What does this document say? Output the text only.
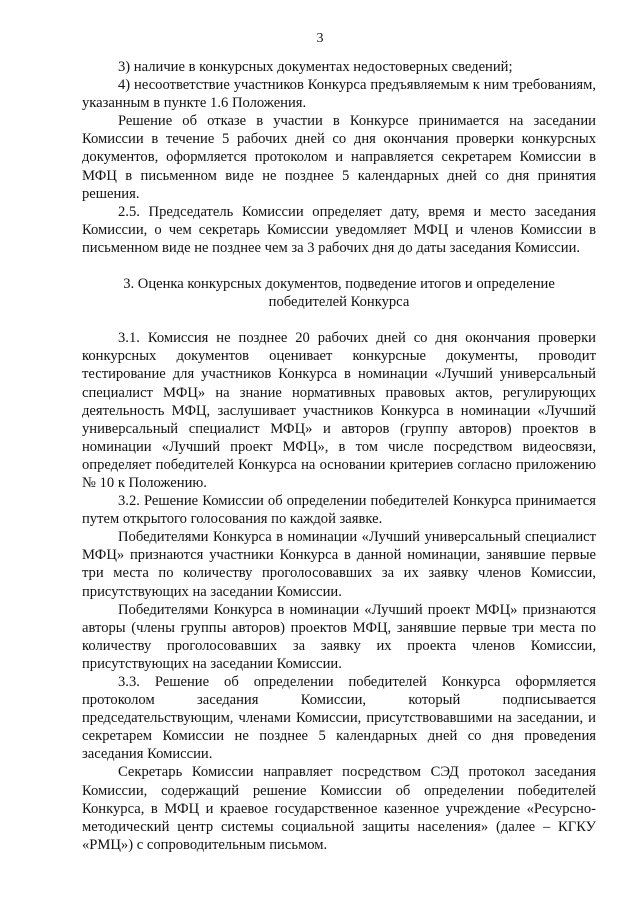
3

3) наличие в конкурсных документах недостоверных сведений;

4) несоответствие участников Конкурса предъявляемым к ним требованиям, указанным в пункте 1.6 Положения.

Решение об отказе в участии в Конкурсе принимается на заседании Комиссии в течение 5 рабочих дней со дня окончания проверки конкурсных документов, оформляется протоколом и направляется секретарем Комиссии в МФЦ в письменном виде не позднее 5 календарных дней со дня принятия решения.

2.5. Председатель Комиссии определяет дату, время и место заседания Комиссии, о чем секретарь Комиссии уведомляет МФЦ и членов Комиссии в письменном виде не позднее чем за 3 рабочих дня до даты заседания Комиссии.

3. Оценка конкурсных документов, подведение итогов и определение

победителей Конкурса

3.1. Комиссия не позднее 20 рабочих дней со дня окончания проверки конкурсных документов оценивает конкурсные документы, проводит тестирование для участников Конкурса в номинации «Лучший универсальный специалист МФЦ» на знание нормативных правовых актов, регулирующих деятельность МФЦ, заслушивает участников Конкурса в номинации «Лучший универсальный специалист МФЦ» и авторов (группу авторов) проектов в номинации «Лучший проект МФЦ», в том числе посредством видеосвязи, определяет победителей Конкурса на основании критериев согласно приложению № 10 к Положению.

3.2. Решение Комиссии об определении победителей Конкурса принимается путем открытого голосования по каждой заявке.

Победителями Конкурса в номинации «Лучший универсальный специалист МФЦ» признаются участники Конкурса в данной номинации, занявшие первые три места по количеству проголосовавших за их заявку членов Комиссии, присутствующих на заседании Комиссии.

Победителями Конкурса в номинации «Лучший проект МФЦ» признаются авторы (члены группы авторов) проектов МФЦ, занявшие первые три места по количеству проголосовавших за заявку их проекта членов Комиссии, присутствующих на заседании Комиссии.

3.3. Решение об определении победителей Конкурса оформляется протоколом заседания Комиссии, который подписывается председательствующим, членами Комиссии, присутствовавшими на заседании, и секретарем Комиссии не позднее 5 календарных дней со дня проведения заседания Комиссии.

Секретарь Комиссии направляет посредством СЭД протокол заседания Комиссии, содержащий решение Комиссии об определении победителей Конкурса, в МФЦ и краевое государственное казенное учреждение «Ресурсно-методический центр системы социальной защиты населения» (далее – КГКУ «РМЦ») с сопроводительным письмом.
